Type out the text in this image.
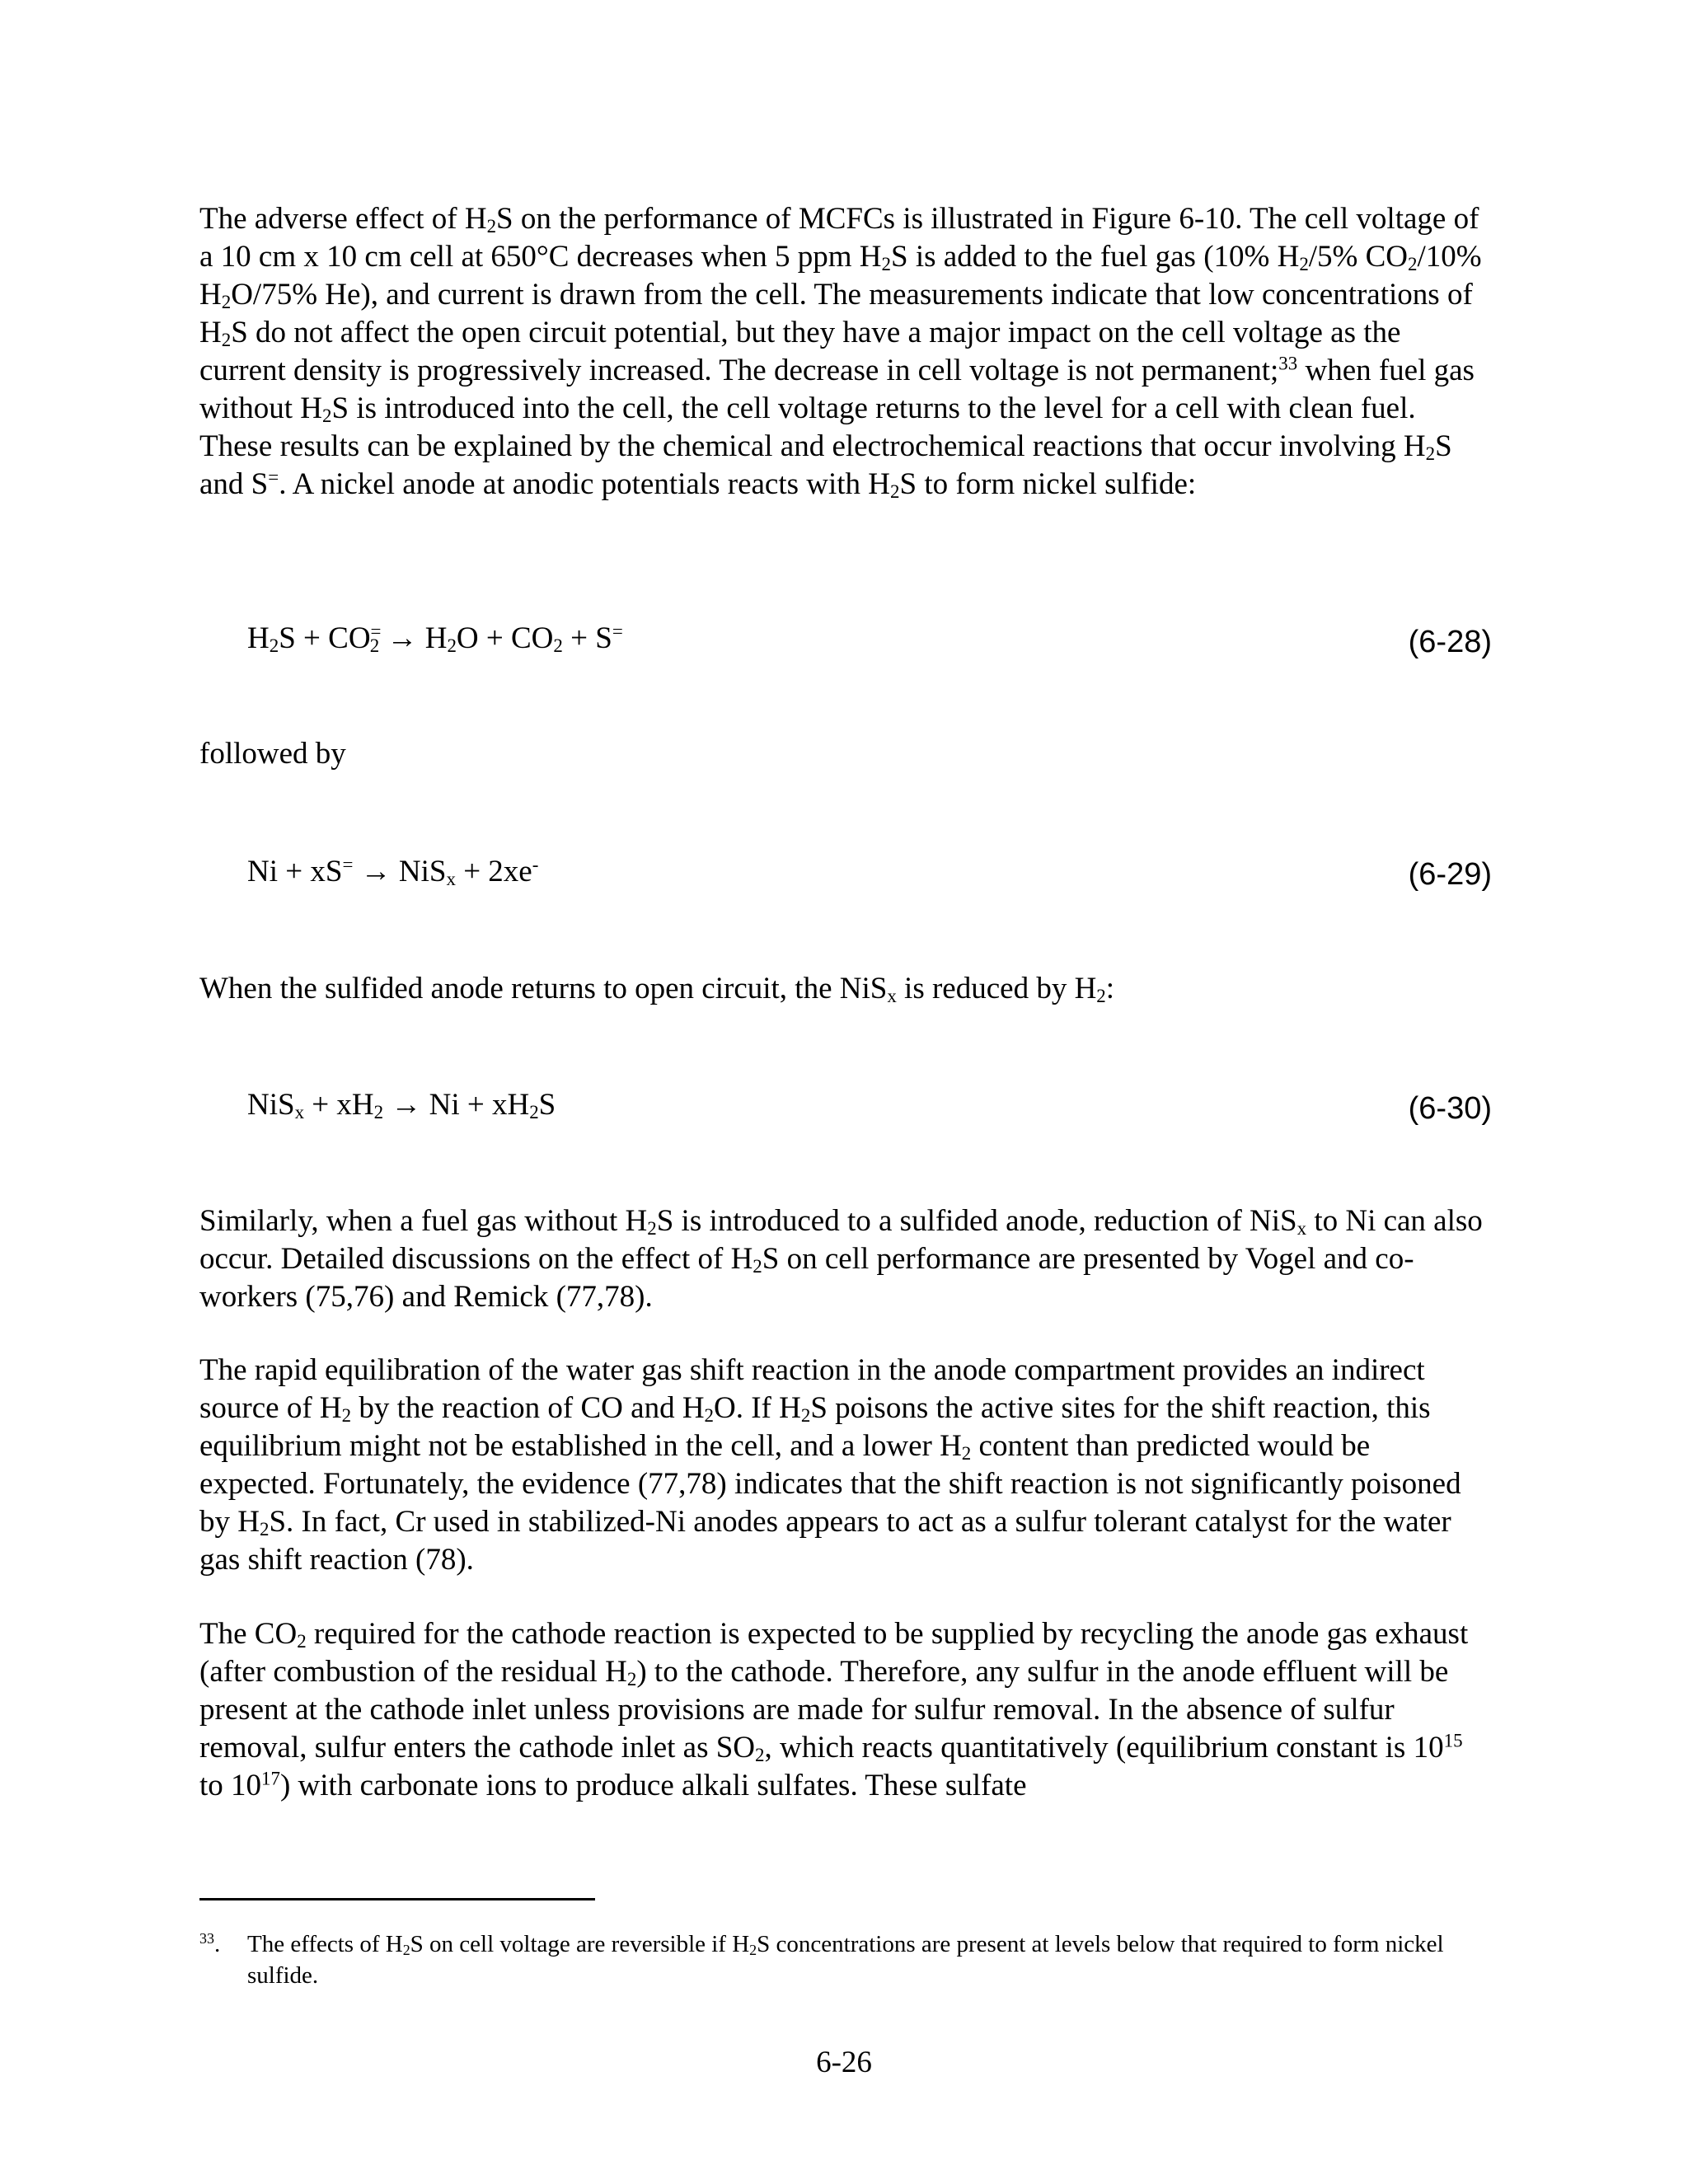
The adverse effect of $H_2S$ on the performance of MCFCs is illustrated in Figure 6-10. The cell voltage of a 10 cm x 10 cm cell at 650°C decreases when 5 ppm $H_2S$ is added to the fuel gas (10% $H_2/5\%$ $CO_2/10\%$ $H_2O/75\%$ He), and current is drawn from the cell. The measurements indicate that low concentrations of $H_2S$ do not affect the open circuit potential, but they have a major impact on the cell voltage as the current density is progressively increased. The decrease in cell voltage is not permanent;$^{33}$ when fuel gas without $H_2S$ is introduced into the cell, the cell voltage returns to the level for a cell with clean fuel. These results can be explained by the chemical and electrochemical reactions that occur involving $H_2S$ and S=. A nickel anode at anodic potentials reacts with $H_2S$ to form nickel sulfide:

$H_2S + CO^=_2 \to H_2O + CO_2 + S^=$	(6-28)

followed by

Ni + xS= → NiS$_x$ + 2xe-	(6-29)

When the sulfided anode returns to open circuit, the NiS$_x$ is reduced by $H_2$:

$NiS_x + xH_2 \to Ni + xH_2S$	(6-30)

Similarly, when a fuel gas without $H_2S$ is introduced to a sulfided anode, reduction of NiS$_x$ to Ni can also occur. Detailed discussions on the effect of $H_2S$ on cell performance are presented by Vogel and co-workers (75,76) and Remick (77,78).

The rapid equilibration of the water gas shift reaction in the anode compartment provides an indirect source of $H_2$ by the reaction of CO and $H_2O$. If $H_2S$ poisons the active sites for the shift reaction, this equilibrium might not be established in the cell, and a lower $H_2$ content than predicted would be expected. Fortunately, the evidence (77,78) indicates that the shift reaction is not significantly poisoned by $H_2S$. In fact, Cr used in stabilized-Ni anodes appears to act as a sulfur tolerant catalyst for the water gas shift reaction (78).

The $CO_2$ required for the cathode reaction is expected to be supplied by recycling the anode gas exhaust (after combustion of the residual $H_2$) to the cathode. Therefore, any sulfur in the anode effluent will be present at the cathode inlet unless provisions are made for sulfur removal. In the absence of sulfur removal, sulfur enters the cathode inlet as $SO_2$, which reacts quantitatively (equilibrium constant is $10^{15}$ to $10^{17}$) with carbonate ions to produce alkali sulfates. These sulfate

$^{33}$.	The effects of $H_2S$ on cell voltage are reversible if $H_2S$ concentrations are present at levels below that required to form nickel sulfide.
6-26
